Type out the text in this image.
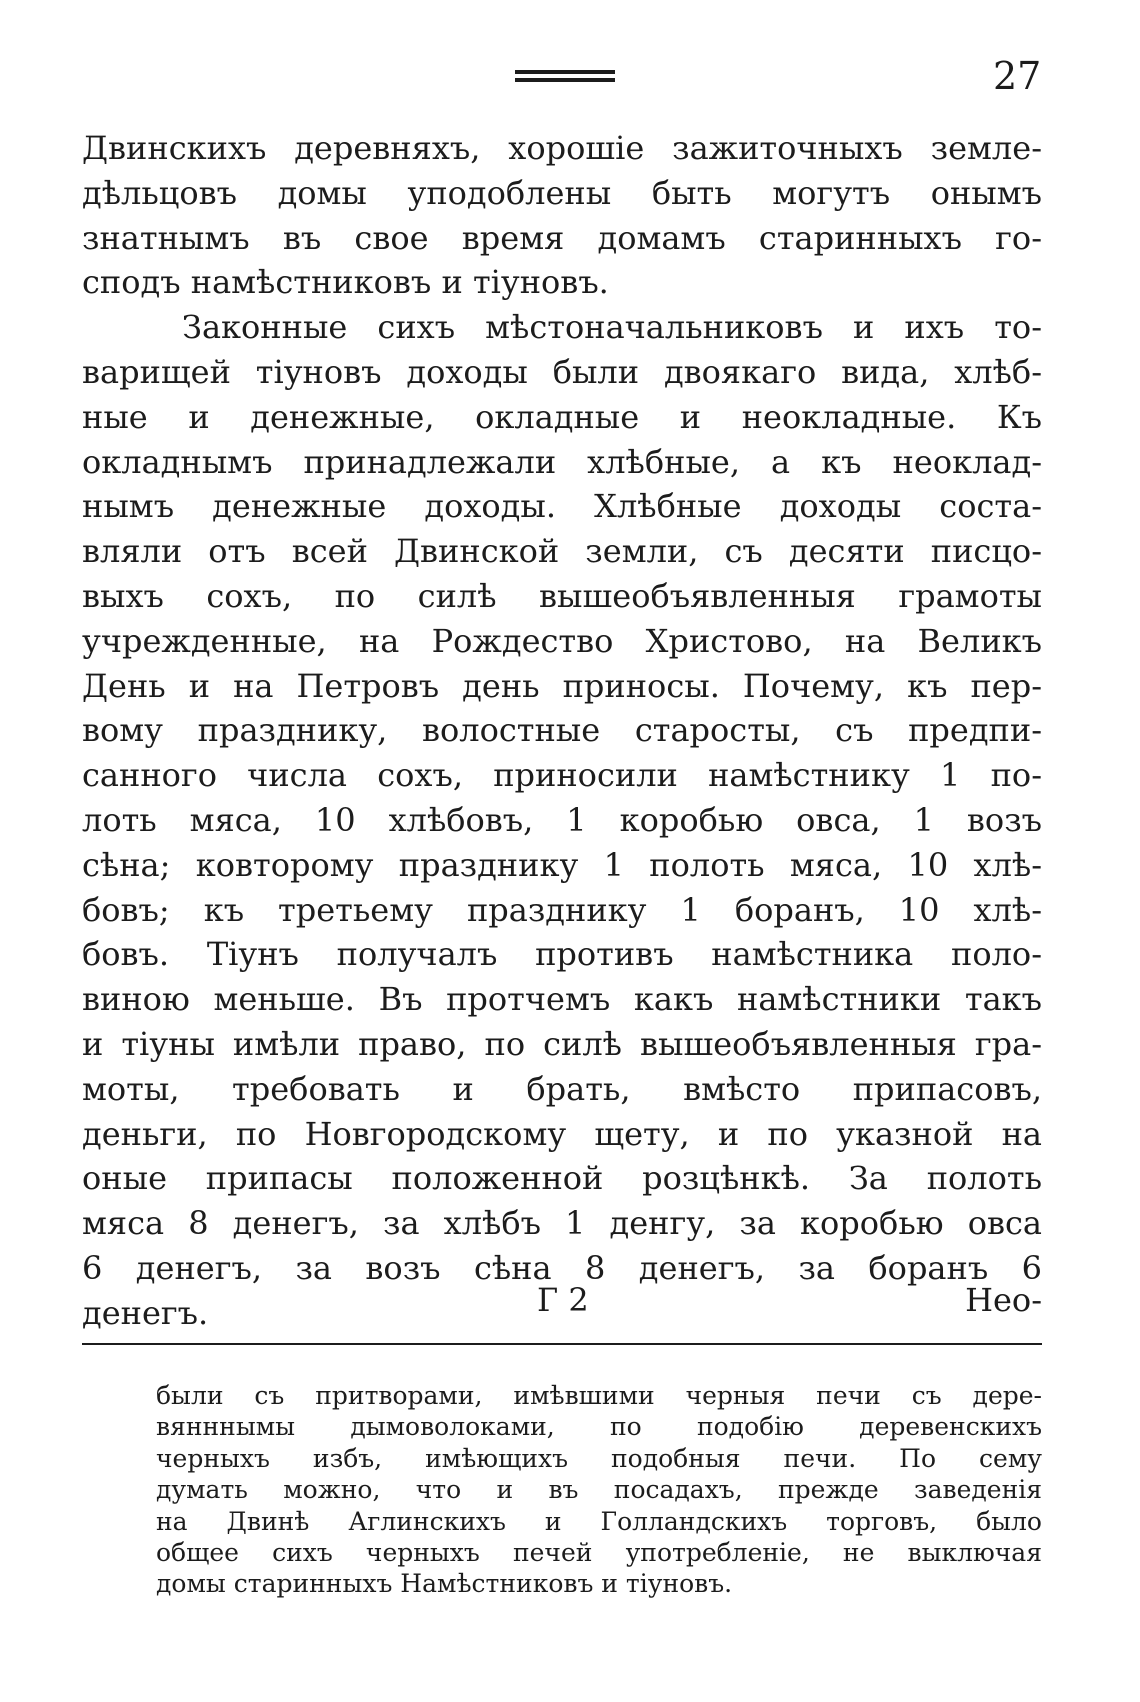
27
Двинскихъ деревняхъ, хорошіе зажиточныхъ земле-
дѣльцовъ домы уподоблены быть могутъ онымъ
знатнымъ въ свое время домамъ старинныхъ го-
сподъ намѣстниковъ и тіуновъ.
Законные сихъ мѣстоначальниковъ и ихъ то-
варищей тіуновъ доходы были двоякаго вида, хлѣб-
ные и денежные, окладные и неокладные. Къ
окладнымъ принадлежали хлѣбные, а къ неоклад-
нымъ денежные доходы. Хлѣбные доходы соста-
вляли отъ всей Двинской земли, съ десяти писцо-
выхъ сохъ, по силѣ вышеобъявленныя грамоты
учрежденные, на Рождество Христово, на Великъ
День и на Петровъ день приносы. Почему, къ пер-
вому празднику, волостные старосты, съ предпи-
санного числа сохъ, приносили намѣстнику 1 по-
лоть мяса, 10 хлѣбовъ, 1 коробью овса, 1 возъ
сѣна; ковторому празднику 1 полоть мяса, 10 хлѣ-
бовъ; къ третьему празднику 1 боранъ, 10 хлѣ-
бовъ. Тіунъ получалъ противъ намѣстника поло-
виною меньше. Въ протчемъ какъ намѣстники такъ
и тіуны имѣли право, по силѣ вышеобъявленныя гра-
моты, требовать и брать, вмѣсто припасовъ,
деньги, по Новгородскому щету, и по указной на
оные припасы положенной розцѣнкѣ. За полоть
мяса 8 денегъ, за хлѣбъ 1 денгу, за коробью овса
6 денегъ, за возъ сѣна 8 денегъ, за боранъ 6
денегъ.	Г 2	Нео-
были съ притворами, имѣвшими черныя печи съ дере-
вянннымы дымоволоками, по подобію деревенскихъ
черныхъ избъ, имѣющихъ подобныя печи. По сему
думать можно, что и въ посадахъ, прежде заведенія
на Двинѣ Аглинскихъ и Голландскихъ торговъ, было
общее сихъ черныхъ печей употребленіе, не выключая
домы старинныхъ Намѣстниковъ и тіуновъ.
